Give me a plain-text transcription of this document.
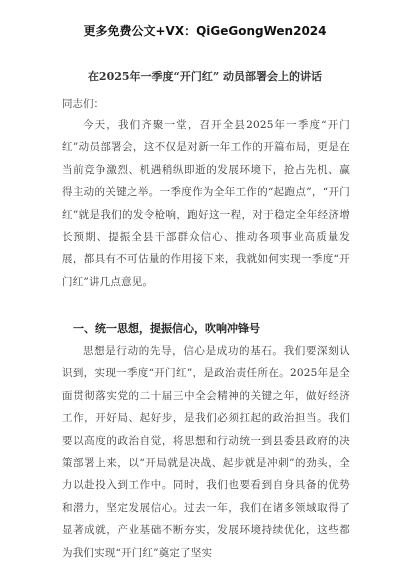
更多免费公文+VX：QiGeGongWen2024
在2025年一季度“开门红” 动员部署会上的讲话
同志们：

今天，我们齐聚一堂，召开全县2025年一季度“开门红”动员部署会，这不仅是对新一年工作的开篇布局，更是在当前竞争激烈、机遇稍纵即逝的发展环境下，抢占先机、赢得主动的关键之举。一季度作为全年工作的“起跑点”，“开门红”就是我们的发令枪响，跑好这一程，对于稳定全年经济增长预期、提振全县干部群众信心、推动各项事业高质量发展，都具有不可估量的作用接下来，我就如何实现一季度“开门红”讲几点意见。

一、统一思想，提振信心，吹响冲锋号

思想是行动的先导，信心是成功的基石。我们要深刻认识到，实现一季度“开门红”，是政治责任所在。2025年是全面贯彻落实党的二十届三中全会精神的关键之年，做好经济工作，开好局、起好步，是我们必须扛起的政治担当。我们要以高度的政治自觉，将思想和行动统一到县委县政府的决策部署上来，以“开局就是决战、起步就是冲刺”的劲头，全力以赴投入到工作中。同时，我们也要看到自身具备的优势和潜力，坚定发展信心。过去一年，我们在诸多领域取得了显著成就，产业基础不断夯实，发展环境持续优化，这些都为我们实现“开门红”奠定了坚实
